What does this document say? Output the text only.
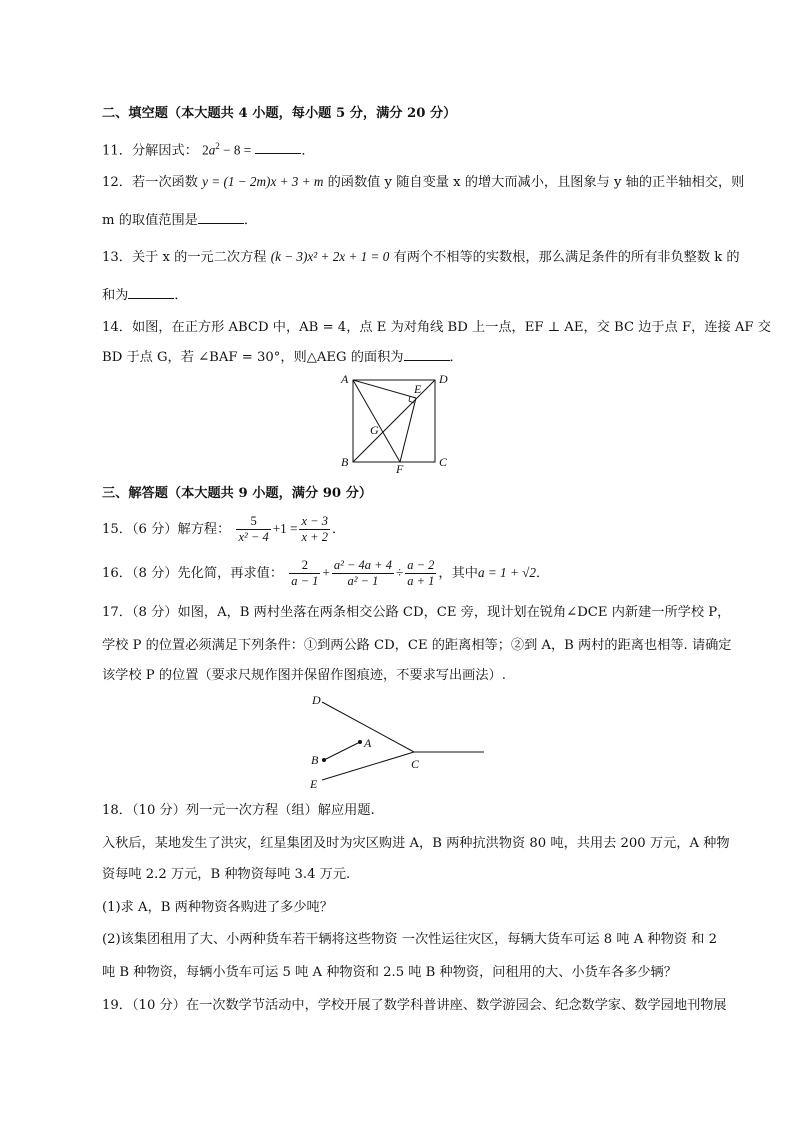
二、填空题（本大题共 4 小题，每小题 5 分，满分 20 分）
11．分解因式： $2a^2 - 8$ =	．
12．若一次函数 y = (1 − 2m)x + 3 + m 的函数值 y 随自变量 x 的增大而减小，且图象与 y 轴的正半轴相交，则
m 的取值范围是	．
13．关于 x 的一元二次方程 (k − 3)x² + 2x + 1 = 0 有两个不相等的实数根，那么满足条件的所有非负整数 k 的
和为	．
14．如图，在正方形 ABCD 中，AB = 4，点 E 为对角线 BD 上一点，EF ⊥ AE，交 BC 边于点 F，连接 AF 交
BD 于点 G，若 ∠BAF = 30°，则△AEG 的面积为	．
A	D
E
G
B	F	C
三、解答题（本大题共 9 小题，满分 90 分）
15．（6 分）解方程： $\frac{5}{\text{x² − 4}} +1 = \frac{x - 3}{x + 2}$ ．
16．（8 分）先化简，再求值： $\frac{2}{a - 1} + \frac{\text{a² − 4a + 4}}{\text{a² − 1}} \div \frac{a - 2}{a + 1}$ ，其中a = 1 + √2．
17．（8 分）如图，A，B 两村坐落在两条相交公路 CD，CE 旁，现计划在锐角∠DCE 内新建一所学校 P，
学校 P 的位置必须满足下列条件：①到两公路 CD，CE 的距离相等；②到 A，B 两村的距离也相等. 请确定
该学校 P 的位置（要求尺规作图并保留作图痕迹，不要求写出画法）.
D
A
B	C
E
18．（10 分）列一元一次方程（组）解应用题.
入秋后，某地发生了洪灾，红星集团及时为灾区购进 A，B 两种抗洪物资 80 吨，共用去 200 万元，A 种物
资每吨 2.2 万元，B 种物资每吨 3.4 万元.
(1)求 A，B 两种物资各购进了多少吨？
(2)该集团租用了大、小两种货车若干辆将这些物资 一次性运往灾区，每辆大货车可运 8 吨 A 种物资 和 2
吨 B 种物资，每辆小货车可运 5 吨 A 种物资和 2.5 吨 B 种物资，问租用的大、小货车各多少辆？
19．（10 分）在一次数学节活动中，学校开展了数学科普讲座、数学游园会、纪念数学家、数学园地刊物展
